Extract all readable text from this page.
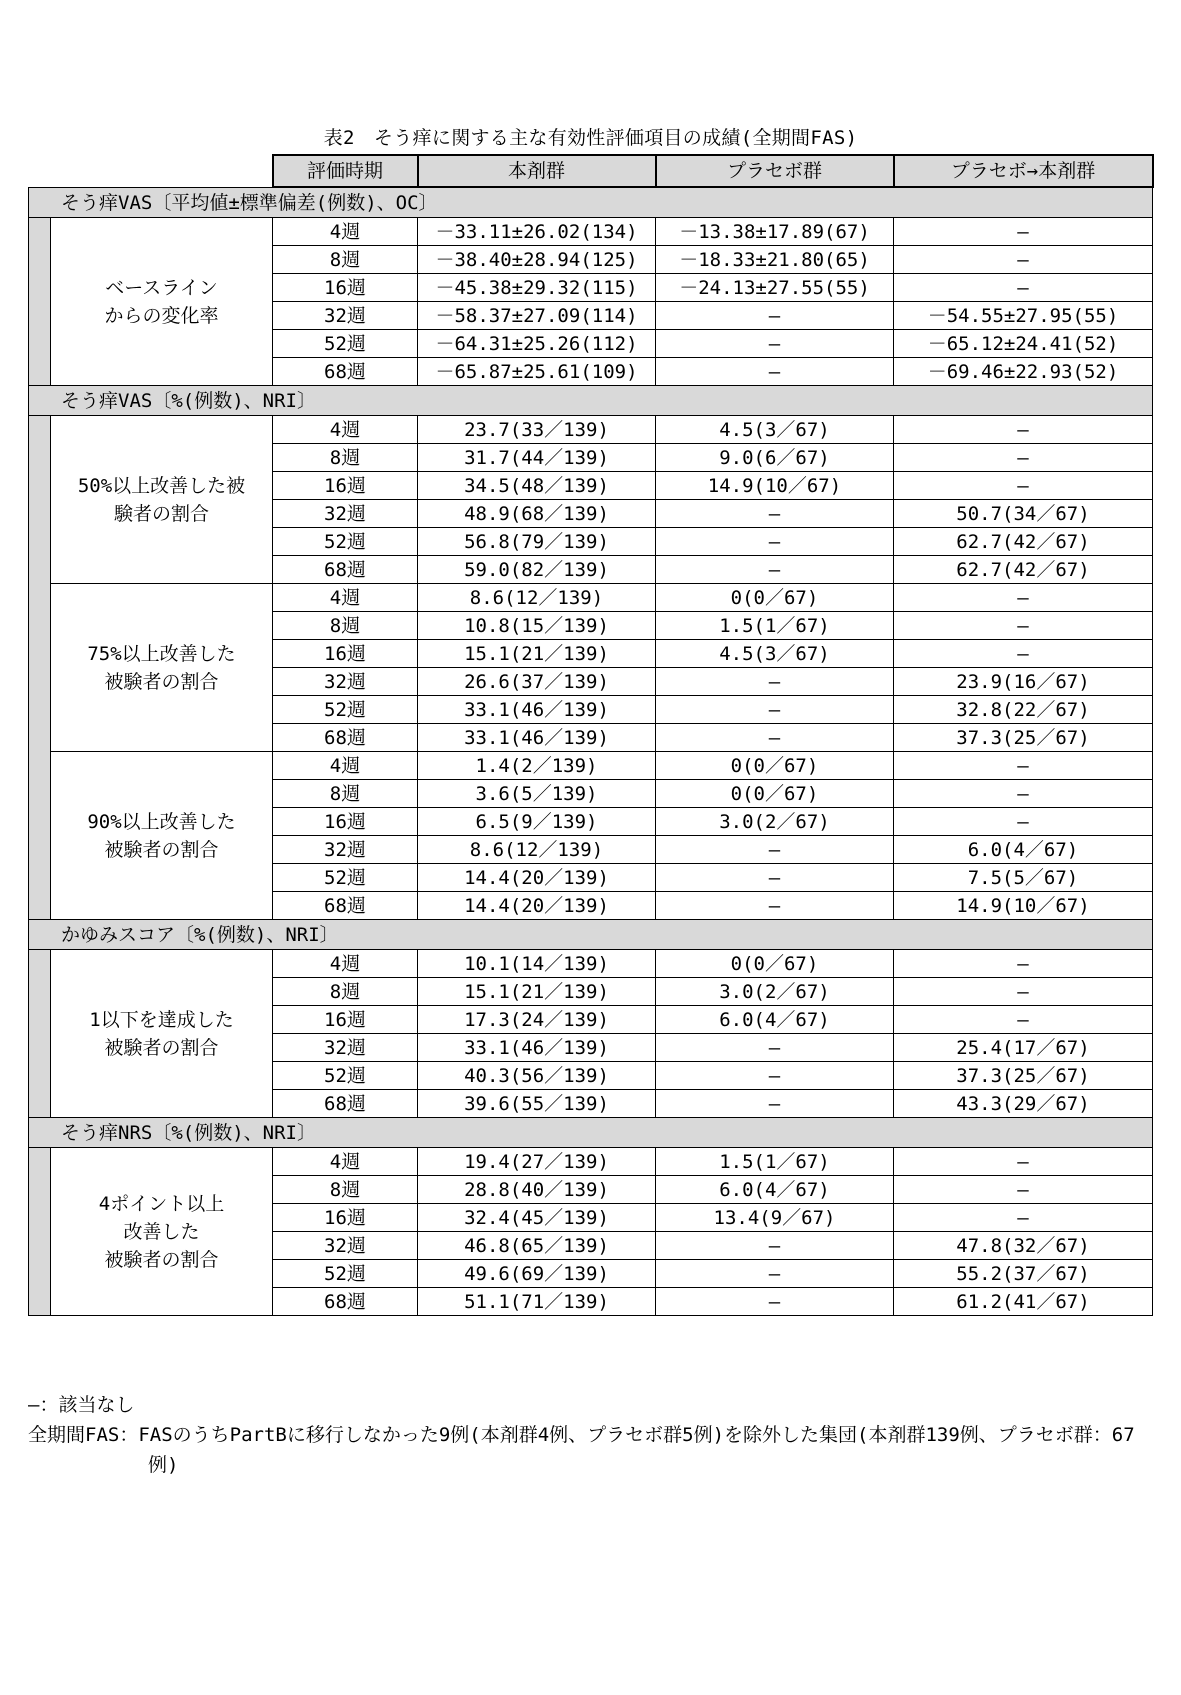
表2　そう痒に関する主な有効性評価項目の成績(全期間FAS)
		評価時期	本剤群	プラセボ群	プラセボ→本剤群
そう痒VAS〔平均値±標準偏差(例数)、OC〕					

	ベースライン
からの変化率	4週	－33.11±26.02(134)	－13.38±17.89(67)	—
		8週	－38.40±28.94(125)	－18.33±21.80(65)	—
		16週	－45.38±29.32(115)	－24.13±27.55(55)	—
		32週	－58.37±27.09(114)	—	－54.55±27.95(55)
		52週	－64.31±25.26(112)	—	－65.12±24.41(52)
		68週	－65.87±25.61(109)	—	－69.46±22.93(52)
そう痒VAS〔%(例数)、NRI〕					

	50%以上改善した被
験者の割合	4週	23.7(33／139)	4.5(3／67)	—
		8週	31.7(44／139)	9.0(6／67)	—
		16週	34.5(48／139)	14.9(10／67)	—
		32週	48.9(68／139)	—	50.7(34／67)
		52週	56.8(79／139)	—	62.7(42／67)
		68週	59.0(82／139)	—	62.7(42／67)

	75%以上改善した
被験者の割合	4週	8.6(12／139)	0(0／67)	—
		8週	10.8(15／139)	1.5(1／67)	—
		16週	15.1(21／139)	4.5(3／67)	—
		32週	26.6(37／139)	—	23.9(16／67)
		52週	33.1(46／139)	—	32.8(22／67)
		68週	33.1(46／139)	—	37.3(25／67)

	90%以上改善した
被験者の割合	4週	1.4(2／139)	0(0／67)	—
		8週	3.6(5／139)	0(0／67)	—
		16週	6.5(9／139)	3.0(2／67)	—
		32週	8.6(12／139)	—	6.0(4／67)
		52週	14.4(20／139)	—	7.5(5／67)
		68週	14.4(20／139)	—	14.9(10／67)
かゆみスコア〔%(例数)、NRI〕					

	1以下を達成した
被験者の割合	4週	10.1(14／139)	0(0／67)	—
		8週	15.1(21／139)	3.0(2／67)	—
		16週	17.3(24／139)	6.0(4／67)	—
		32週	33.1(46／139)	—	25.4(17／67)
		52週	40.3(56／139)	—	37.3(25／67)
		68週	39.6(55／139)	—	43.3(29／67)
そう痒NRS〔%(例数)、NRI〕					

	4ポイント以上
改善した
被験者の割合	4週	19.4(27／139)	1.5(1／67)	—
		8週	28.8(40／139)	6.0(4／67)	—
		16週	32.4(45／139)	13.4(9／67)	—
		32週	46.8(65／139)	—	47.8(32／67)
		52週	49.6(69／139)	—	55.2(37／67)
		68週	51.1(71／139)	—	61.2(41／67)
—：該当なし
全期間FAS：FASのうちPartBに移行しなかった9例(本剤群4例、プラセボ群5例)を除外した集団(本剤群139例、プラセボ群：67例)
